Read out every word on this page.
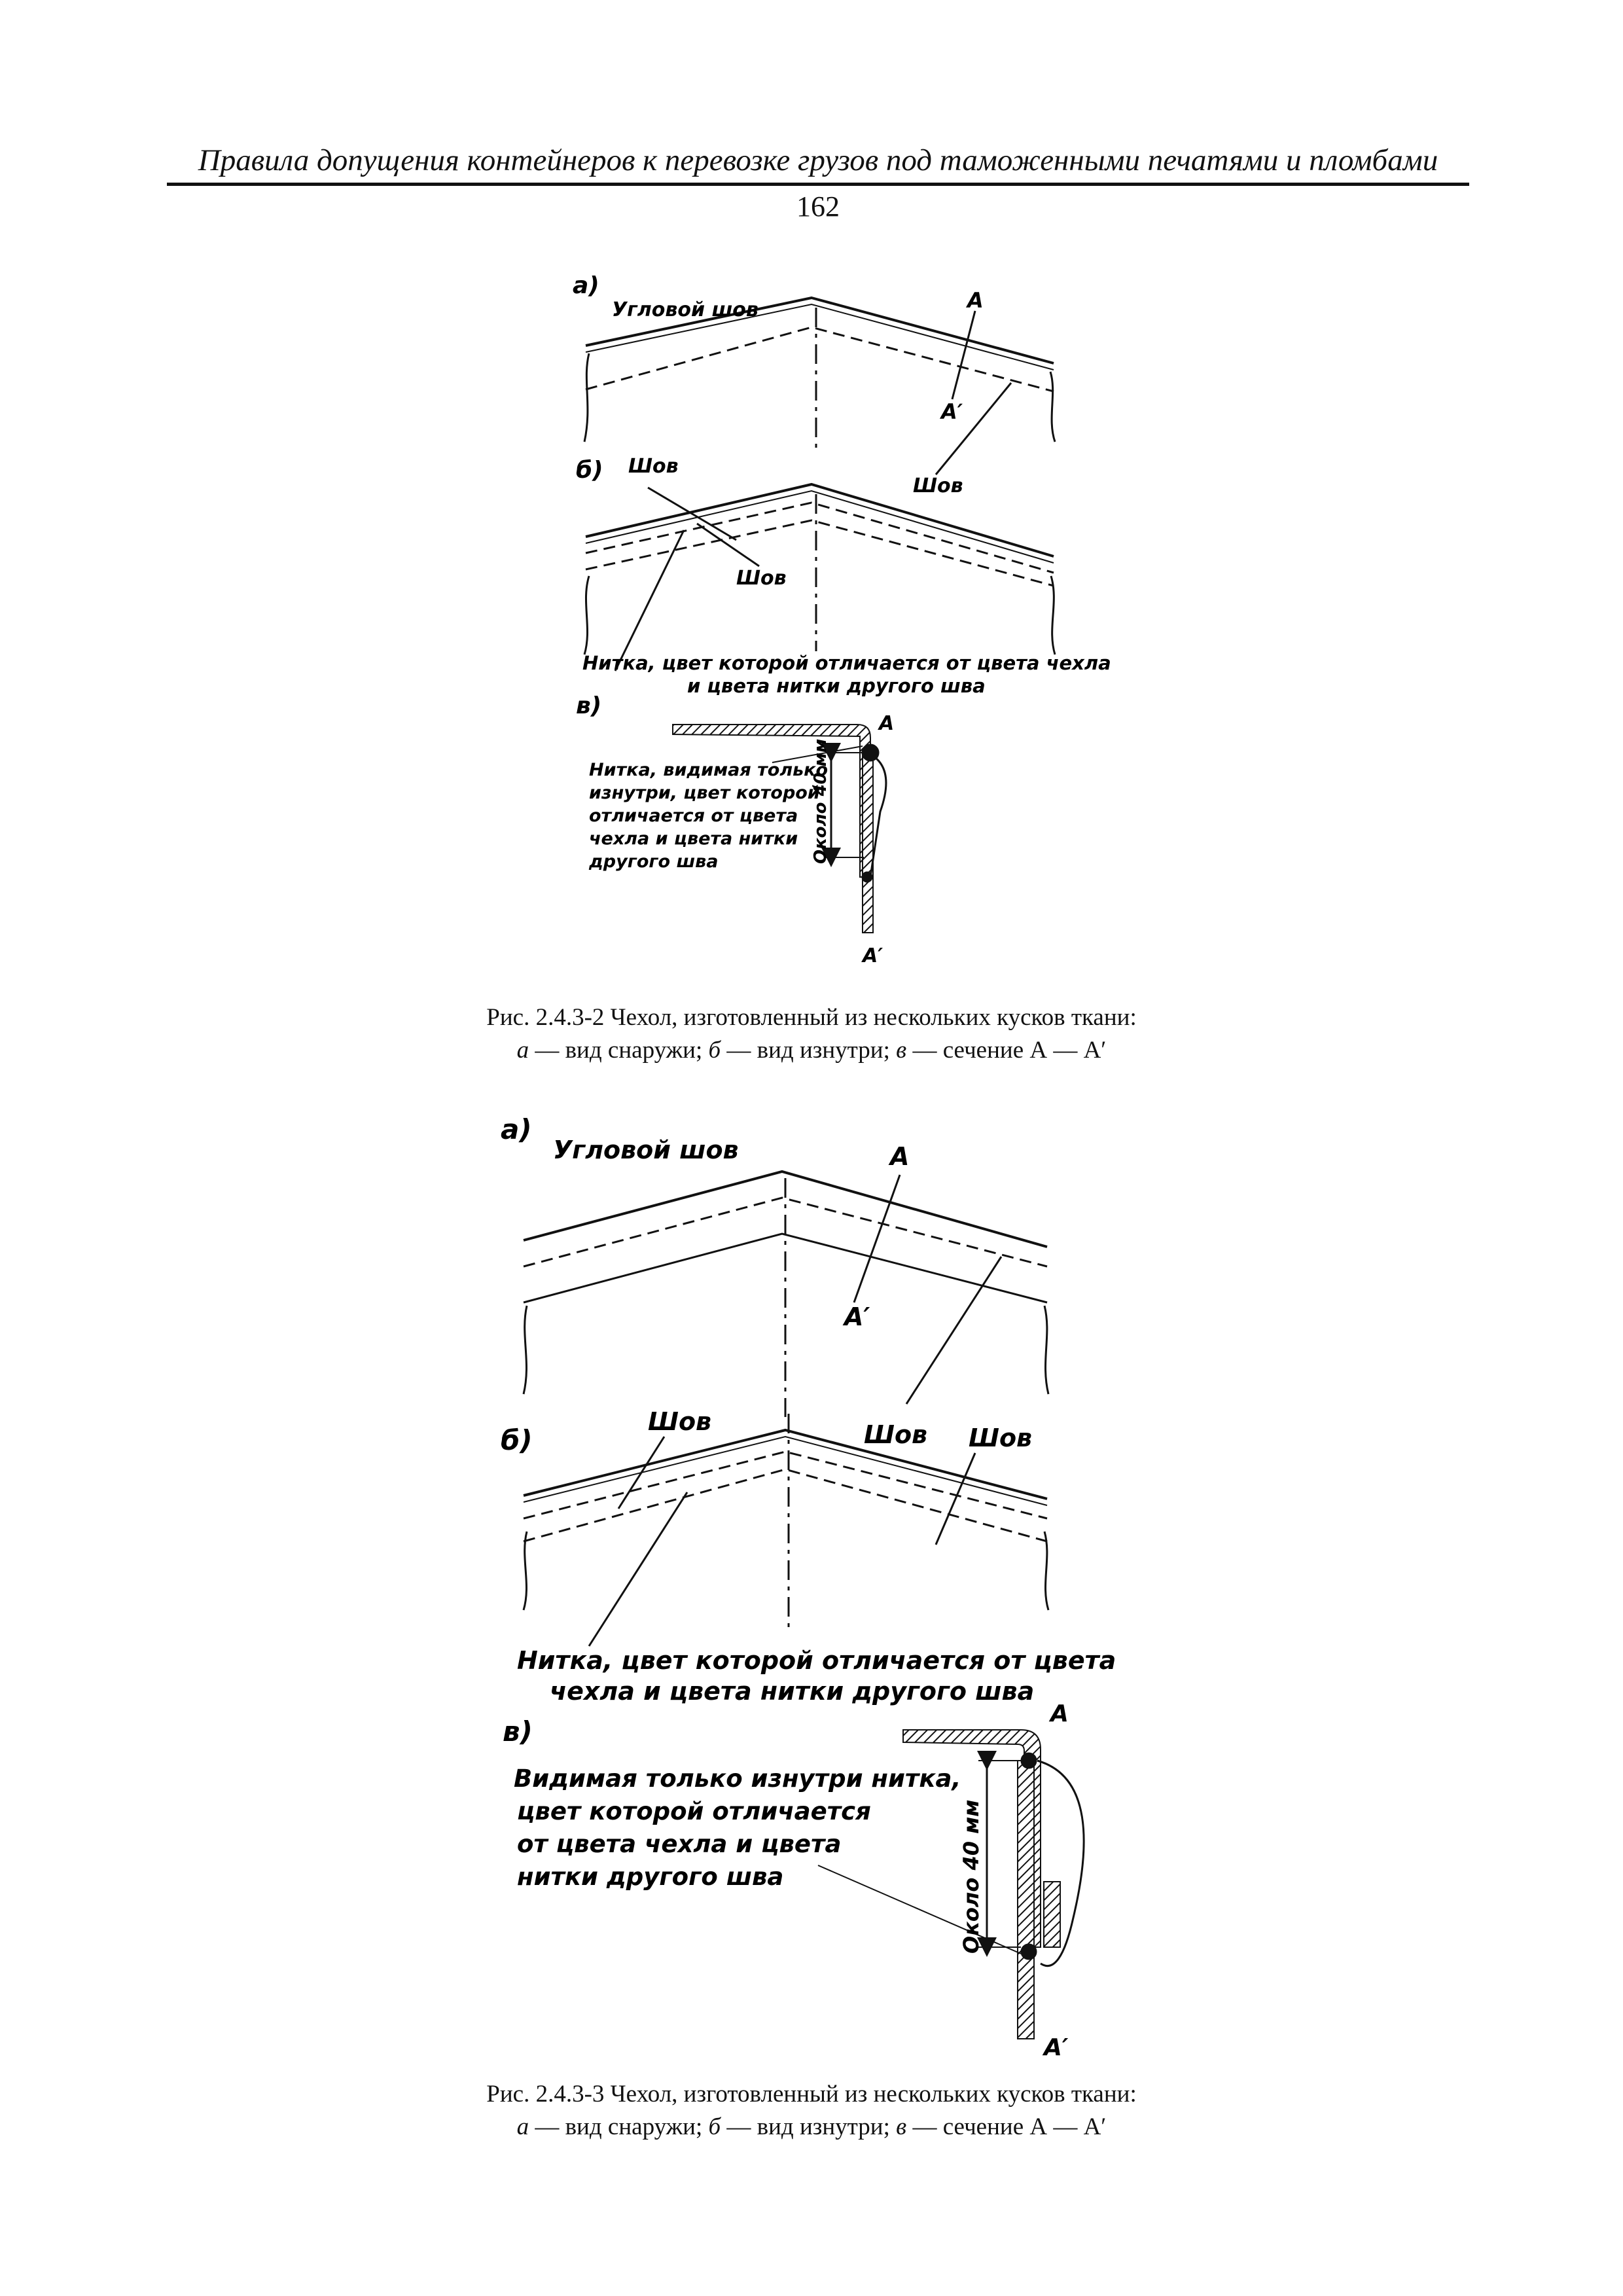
Правила допущения контейнеров к перевозке грузов под таможенными печатями и пломбами

162
а)
Угловой шов	А
А′
Шов
б) Шов
Шов
Нитка, цвет которой отличается от цвета чехла
и цвета нитки другого шва
в)
А
А′
Нитка, видимая только
изнутри, цвет которой
отличается от цвета
чехла и цвета нитки
другого шва	Около 40 мм
а)
Угловой шов	А
А′
б)
Шов	Шов Шов
Нитка, цвет которой отличается от цвета
чехла и цвета нитки другого шва
в)
А
А′
Видимая только изнутри нитка,
цвет которой отличается
от цвета чехла и цвета
нитки другого шва	Около 40 мм
Рис. 2.4.3-2 Чехол, изготовленный из нескольких кусков ткани:
а — вид снаружи; б — вид изнутри; в — сечение А — А′
Рис. 2.4.3-3 Чехол, изготовленный из нескольких кусков ткани:
а — вид снаружи; б — вид изнутри; в — сечение А — А′
